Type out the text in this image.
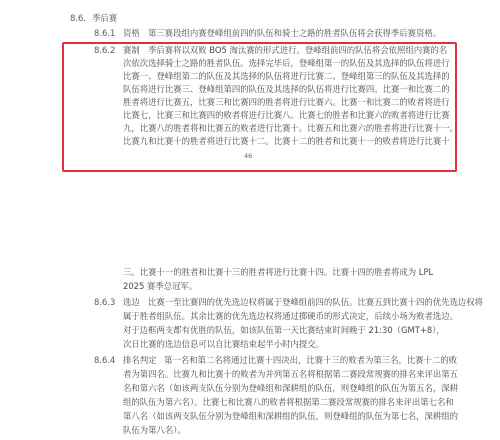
8.6. 季后赛
8.6.1 资格 第三赛段组内赛登峰组前四的队伍和骑士之路的胜者队伍将会获得季后赛资格。
8.6.2 赛制 季后赛将以双败 BO5 淘汰赛的形式进行。登峰组前四的队伍将会依照组内赛的名
次依次选择骑士之路的胜者队伍。选择完毕后，登峰组第一的队伍及其选择的队伍将进行
比赛一、登峰组第二的队伍及其选择的队伍将进行比赛二、登峰组第三的队伍及其选择的
队伍将进行比赛三、登峰组第四的队伍及其选择的队伍将进行比赛四。比赛一和比赛二的
胜者将进行比赛五，比赛三和比赛四的胜者将进行比赛六。比赛一和比赛二的败者将进行
比赛七，比赛三和比赛四的败者将进行比赛八。比赛七的胜者和比赛六的败者将进行比赛
九，比赛八的胜者将和比赛五的败者进行比赛十。比赛五和比赛六的胜者将进行比赛十一。
比赛九和比赛十的胜者将进行比赛十二。比赛十二的胜者和比赛十一的败者将进行比赛十
46
三。比赛十一的胜者和比赛十三的胜者将进行比赛十四。比赛十四的胜者将成为 LPL
2025 赛季总冠军。
8.6.3 选边 比赛一至比赛四的优先选边权将属于登峰组前四的队伍。比赛五到比赛十四的优先选边权将
属于胜者组队伍。其余比赛的优先选边权将通过掷硬币的形式决定，后续小场为败者选边。
对于边框两支都有优胜的队伍，如该队伍第一天比赛结束时间晚于 21:30（GMT+8），
次日比赛的选边信息可以自比赛结束起半小时内提交。
8.6.4 排名判定 第一名和第二名将通过比赛十四决出，比赛十三的败者为第三名，比赛十二的败
者为第四名。比赛九和比赛十的败者为并列第五名将根据第二赛段常规赛的排名来评出第五
名和第六名（如该两支队伍分别为登峰组和深耕组的队伍，则登峰组的队伍为第五名，深耕
组的队伍为第六名）。比赛七和比赛八的败者将根据第二赛段常规赛的排名来评出第七名和
第八名（如该两支队伍分别为登峰组和深耕组的队伍，则登峰组的队伍为第七名，深耕组的
队伍为第八名）。
